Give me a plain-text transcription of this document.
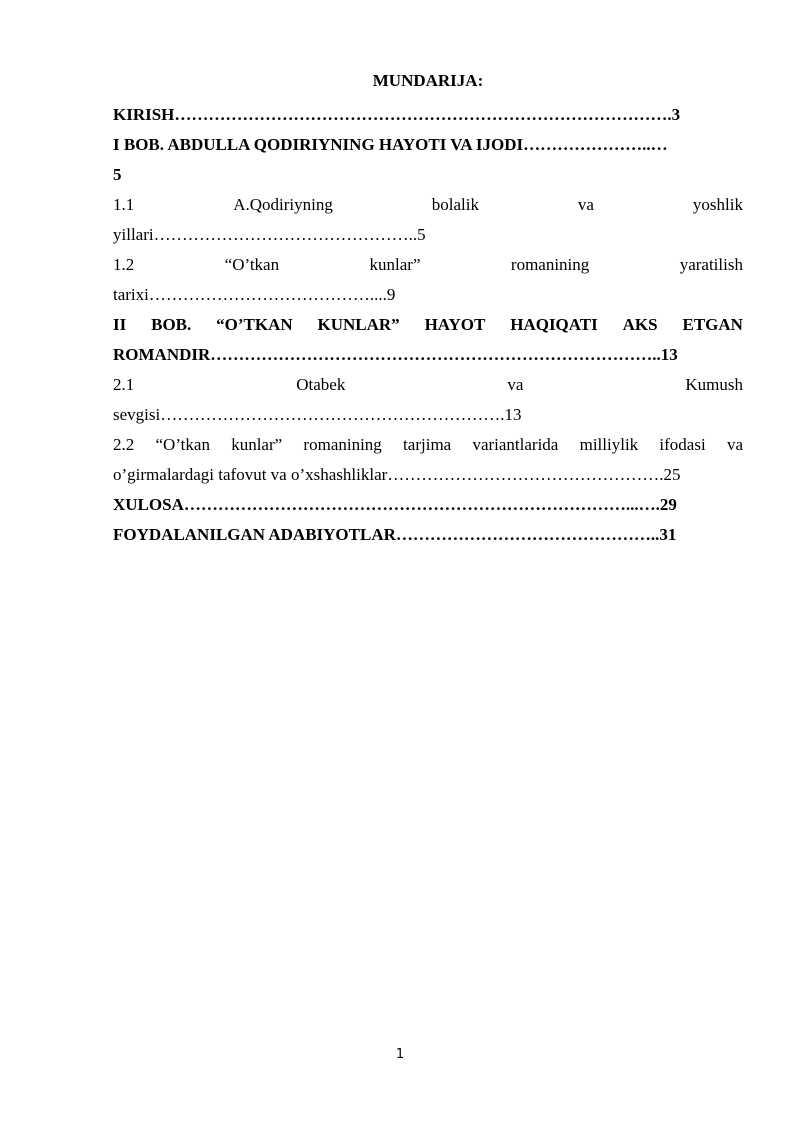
MUNDARIJA:

KIRISH…………………………………………………………………………….3
I BOB. ABDULLA QODIRIYNING HAYOTI VA IJODI…………………..…
5
1.1	A.Qodiriyning	bolalik	va	yoshlik
yillari………………………………………..5
1.2	“O’tkan	kunlar”	romanining	yaratilish
tarixi…………………………………....9
II BOB. “O’TKAN KUNLAR” HAYOT HAQIQATI AKS ETGAN
ROMANDIR……………………………………………………………………..13
2.1	Otabek	va	Kumush
sevgisi…………………………………………………….13
2.2 “O’tkan kunlar” romanining tarjima variantlarida milliylik ifodasi va
o’girmalardagi tafovut va o’xshashliklar………………………………………….25
XULOSA……………………………………………………………………...….29
FOYDALANILGAN ADABIYOTLAR………………………………………..31
1
